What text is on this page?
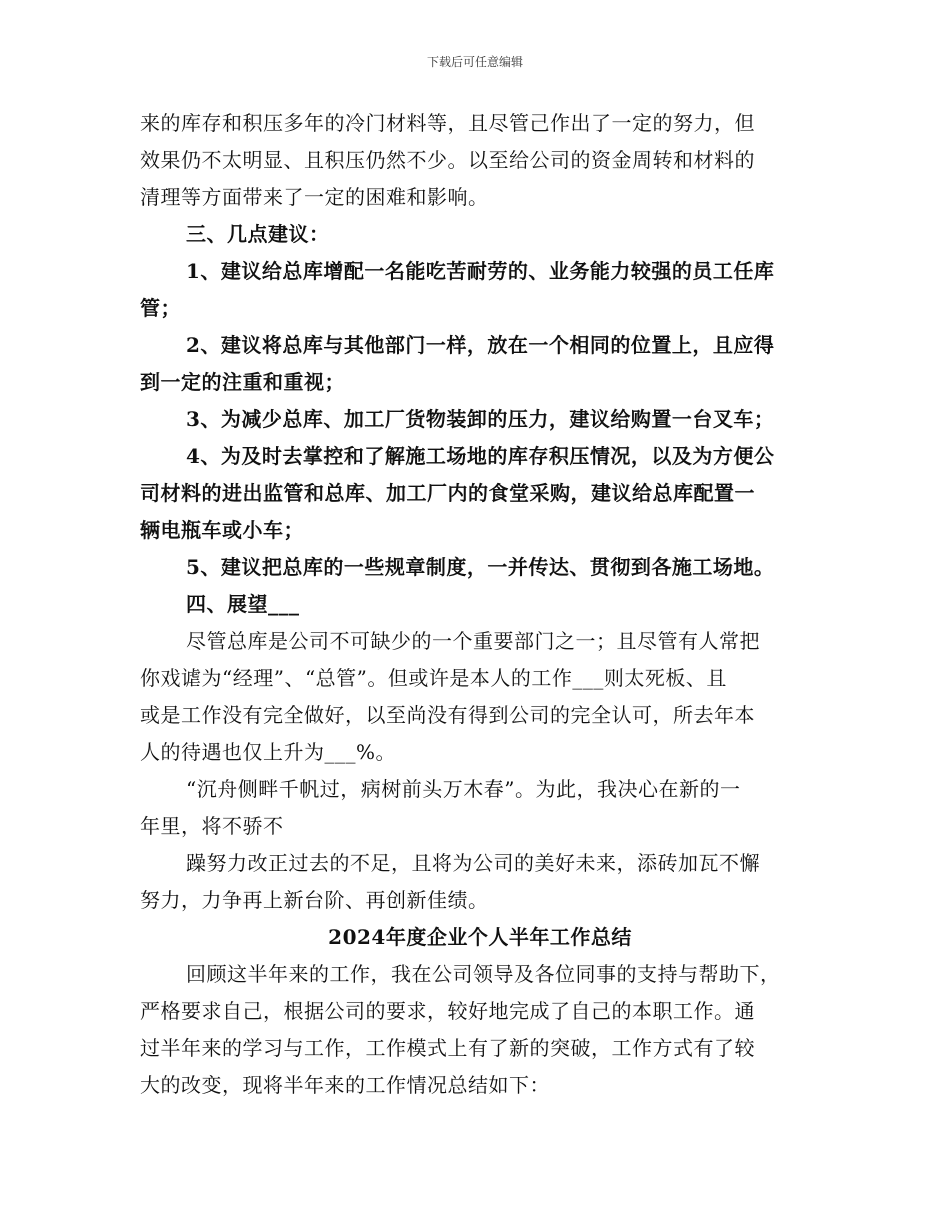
下载后可任意编辑
来的库存和积压多年的冷门材料等，且尽管己作出了一定的努力，但
效果仍不太明显、且积压仍然不少。以至给公司的资金周转和材料的
清理等方面带来了一定的困难和影响。
三、几点建议：
1、建议给总库增配一名能吃苦耐劳的、业务能力较强的员工任库
管；
2、建议将总库与其他部门一样，放在一个相同的位置上，且应得
到一定的注重和重视；
3、为减少总库、加工厂货物装卸的压力，建议给购置一台叉车；
4、为及时去掌控和了解施工场地的库存积压情况，以及为方便公
司材料的进出监管和总库、加工厂内的食堂采购，建议给总库配置一
辆电瓶车或小车；
5、建议把总库的一些规章制度，一并传达、贯彻到各施工场地。
四、展望___
尽管总库是公司不可缺少的一个重要部门之一；且尽管有人常把
你戏谑为“经理”、“总管”。但或许是本人的工作___则太死板、且
或是工作没有完全做好，以至尚没有得到公司的完全认可，所去年本
人的待遇也仅上升为___%。
“沉舟侧畔千帆过，病树前头万木春”。为此，我决心在新的一
年里，将不骄不
躁努力改正过去的不足，且将为公司的美好未来，添砖加瓦不懈
努力，力争再上新台阶、再创新佳绩。
2024年度企业个人半年工作总结
回顾这半年来的工作，我在公司领导及各位同事的支持与帮助下，
严格要求自己，根据公司的要求，较好地完成了自己的本职工作。通
过半年来的学习与工作，工作模式上有了新的突破，工作方式有了较
大的改变，现将半年来的工作情况总结如下：
